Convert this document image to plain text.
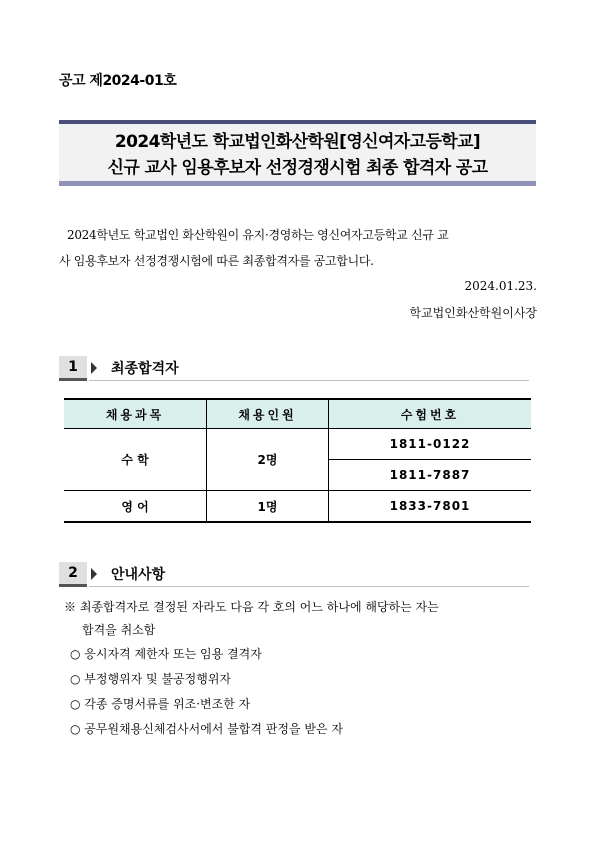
공고 제2024-01호
2024학년도 학교법인화산학원[영신여자고등학교]
신규 교사 임용후보자 선정경쟁시험 최종 합격자 공고
2024학년도 학교법인 화산학원이 유지·경영하는 영신여자고등학교 신규 교
사 임용후보자 선정경쟁시험에 따른 최종합격자를 공고합니다.
2024.01.23.
학교법인화산학원이사장
1	최종합격자
채용과목	채용인원	수험번호
수 학	2명	1811-0122
		1811-7887
영 어	1명	1833-7801
2	안내사항
※ 최종합격자로 결정된 자라도 다음 각 호의 어느 하나에 해당하는 자는
합격을 취소함
○ 응시자격 제한자 또는 임용 결격자
○ 부정행위자 및 불공정행위자
○ 각종 증명서류를 위조·변조한 자
○ 공무원채용신체검사서에서 불합격 판정을 받은 자
